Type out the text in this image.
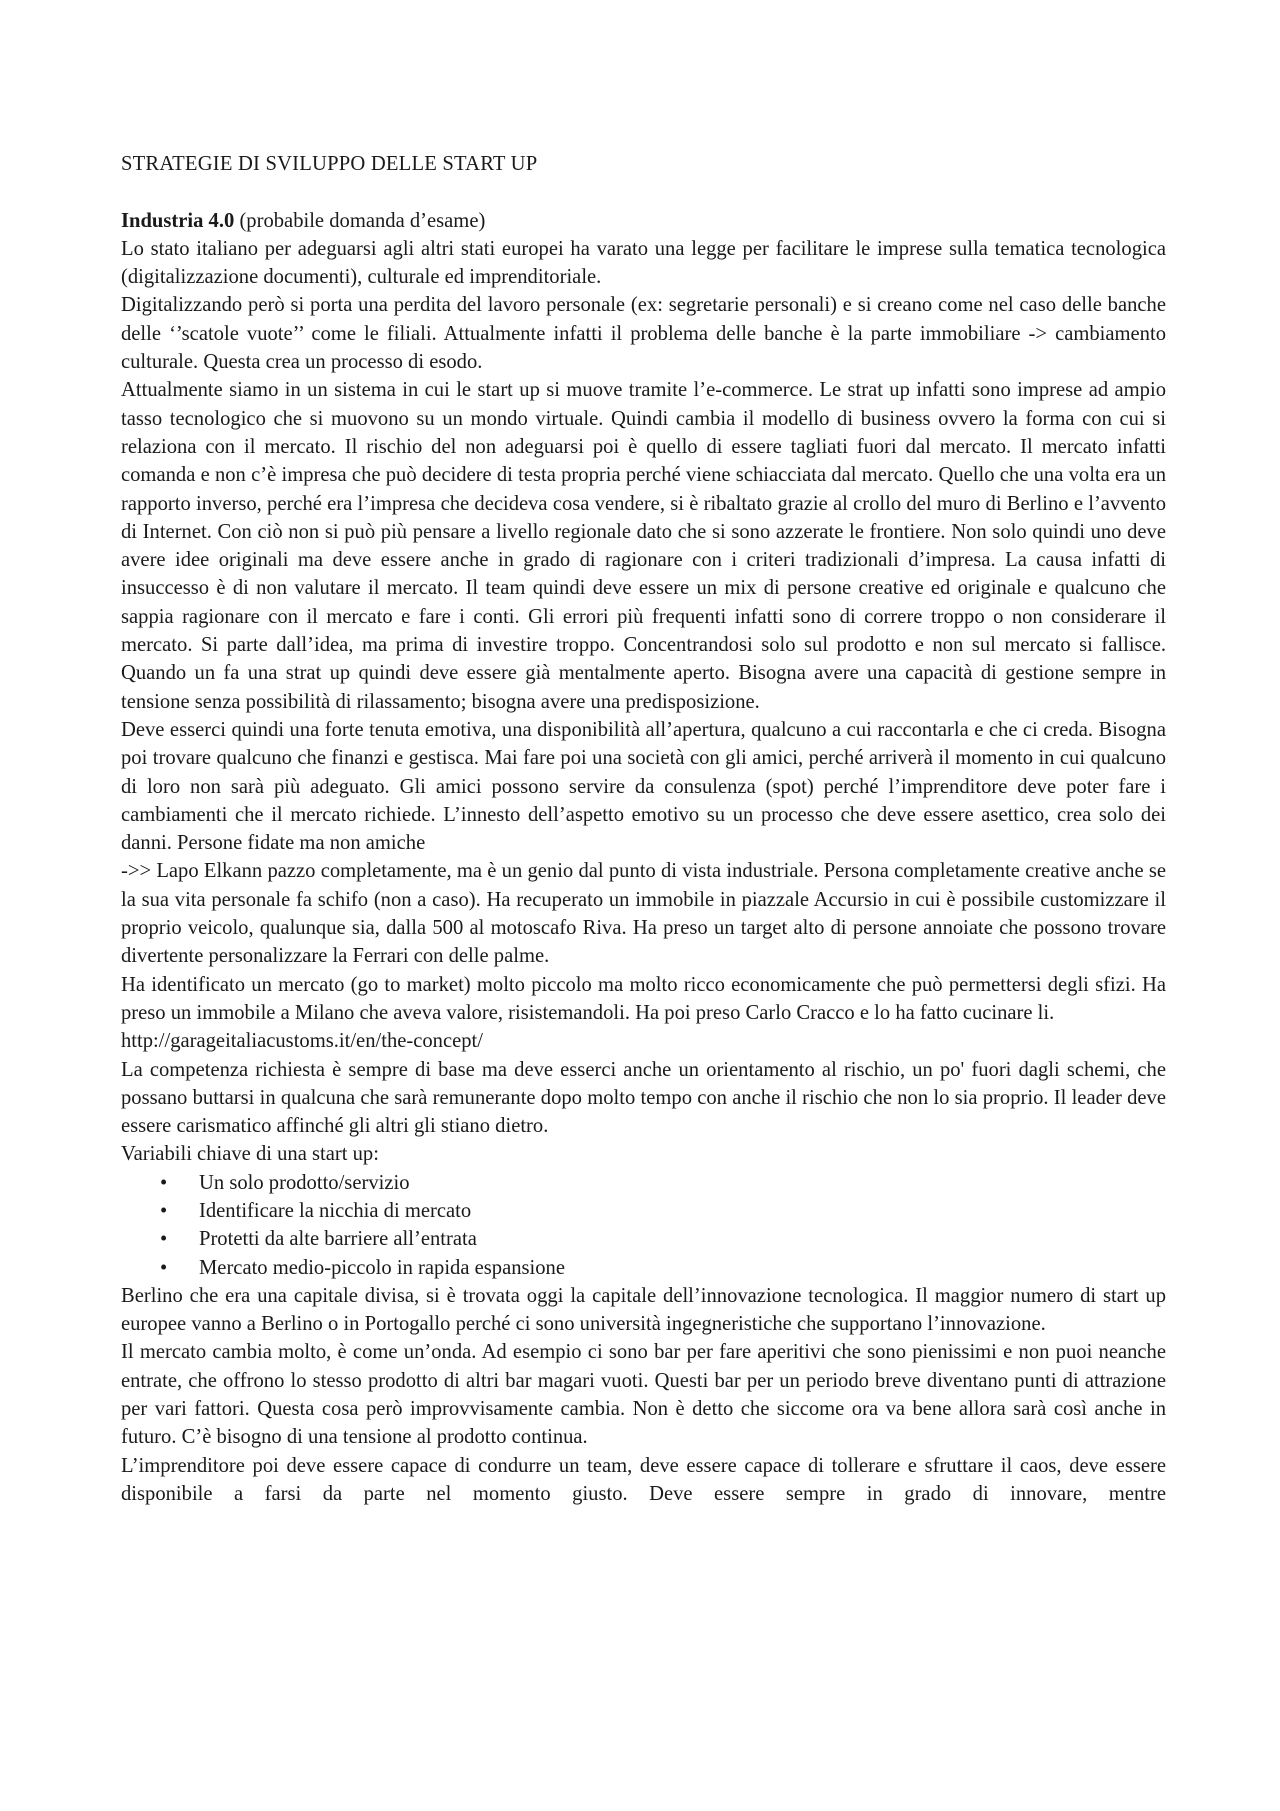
STRATEGIE DI SVILUPPO DELLE START UP

Industria 4.0 (probabile domanda d’esame)

Lo stato italiano per adeguarsi agli altri stati europei ha varato una legge per facilitare le imprese sulla tematica tecnologica (digitalizzazione documenti), culturale ed imprenditoriale.

Digitalizzando però si porta una perdita del lavoro personale (ex: segretarie personali) e si creano come nel caso delle banche delle ‘’scatole vuote’’ come le filiali. Attualmente infatti il problema delle banche è la parte immobiliare -> cambiamento culturale. Questa crea un processo di esodo.

Attualmente siamo in un sistema in cui le start up si muove tramite l’e-commerce. Le strat up infatti sono imprese ad ampio tasso tecnologico che si muovono su un mondo virtuale. Quindi cambia il modello di business ovvero la forma con cui si relaziona con il mercato. Il rischio del non adeguarsi poi è quello di essere tagliati fuori dal mercato. Il mercato infatti comanda e non c’è impresa che può decidere di testa propria perché viene schiacciata dal mercato. Quello che una volta era un rapporto inverso, perché era l’impresa che decideva cosa vendere, si è ribaltato grazie al crollo del muro di Berlino e l’avvento di Internet. Con ciò non si può più pensare a livello regionale dato che si sono azzerate le frontiere. Non solo quindi uno deve avere idee originali ma deve essere anche in grado di ragionare con i criteri tradizionali d’impresa. La causa infatti di insuccesso è di non valutare il mercato. Il team quindi deve essere un mix di persone creative ed originale e qualcuno che sappia ragionare con il mercato e fare i conti. Gli errori più frequenti infatti sono di correre troppo o non considerare il mercato. Si parte dall’idea, ma prima di investire troppo. Concentrandosi solo sul prodotto e non sul mercato si fallisce. Quando un fa una strat up quindi deve essere già mentalmente aperto. Bisogna avere una capacità di gestione sempre in tensione senza possibilità di rilassamento; bisogna avere una predisposizione.

Deve esserci quindi una forte tenuta emotiva, una disponibilità all’apertura, qualcuno a cui raccontarla e che ci creda. Bisogna poi trovare qualcuno che finanzi e gestisca. Mai fare poi una società con gli amici, perché arriverà il momento in cui qualcuno di loro non sarà più adeguato. Gli amici possono servire da consulenza (spot) perché l’imprenditore deve poter fare i cambiamenti che il mercato richiede. L’innesto dell’aspetto emotivo su un processo che deve essere asettico, crea solo dei danni. Persone fidate ma non amiche

->> Lapo Elkann pazzo completamente, ma è un genio dal punto di vista industriale. Persona completamente creative anche se la sua vita personale fa schifo (non a caso). Ha recuperato un immobile in piazzale Accursio in cui è possibile customizzare il proprio veicolo, qualunque sia, dalla 500 al motoscafo Riva. Ha preso un target alto di persone annoiate che possono trovare divertente personalizzare la Ferrari con delle palme.

Ha identificato un mercato (go to market) molto piccolo ma molto ricco economicamente che può permettersi degli sfizi. Ha preso un immobile a Milano che aveva valore, risistemandoli. Ha poi preso Carlo Cracco e lo ha fatto cucinare li.

http://garageitaliacustoms.it/en/the-concept/

La competenza richiesta è sempre di base ma deve esserci anche un orientamento al rischio, un po' fuori dagli schemi, che possano buttarsi in qualcuna che sarà remunerante dopo molto tempo con anche il rischio che non lo sia proprio. Il leader deve essere carismatico affinché gli altri gli stiano dietro.

Variabili chiave di una start up:

• Un solo prodotto/servizio
• Identificare la nicchia di mercato
• Protetti da alte barriere all’entrata
• Mercato medio-piccolo in rapida espansione

Berlino che era una capitale divisa, si è trovata oggi la capitale dell’innovazione tecnologica. Il maggior numero di start up europee vanno a Berlino o in Portogallo perché ci sono università ingegneristiche che supportano l’innovazione.

Il mercato cambia molto, è come un’onda. Ad esempio ci sono bar per fare aperitivi che sono pienissimi e non puoi neanche entrate, che offrono lo stesso prodotto di altri bar magari vuoti. Questi bar per un periodo breve diventano punti di attrazione per vari fattori. Questa cosa però improvvisamente cambia. Non è detto che siccome ora va bene allora sarà così anche in futuro. C’è bisogno di una tensione al prodotto continua.

L’imprenditore poi deve essere capace di condurre un team, deve essere capace di tollerare e sfruttare il caos, deve essere disponibile a farsi da parte nel momento giusto. Deve essere sempre in grado di innovare, mentre
